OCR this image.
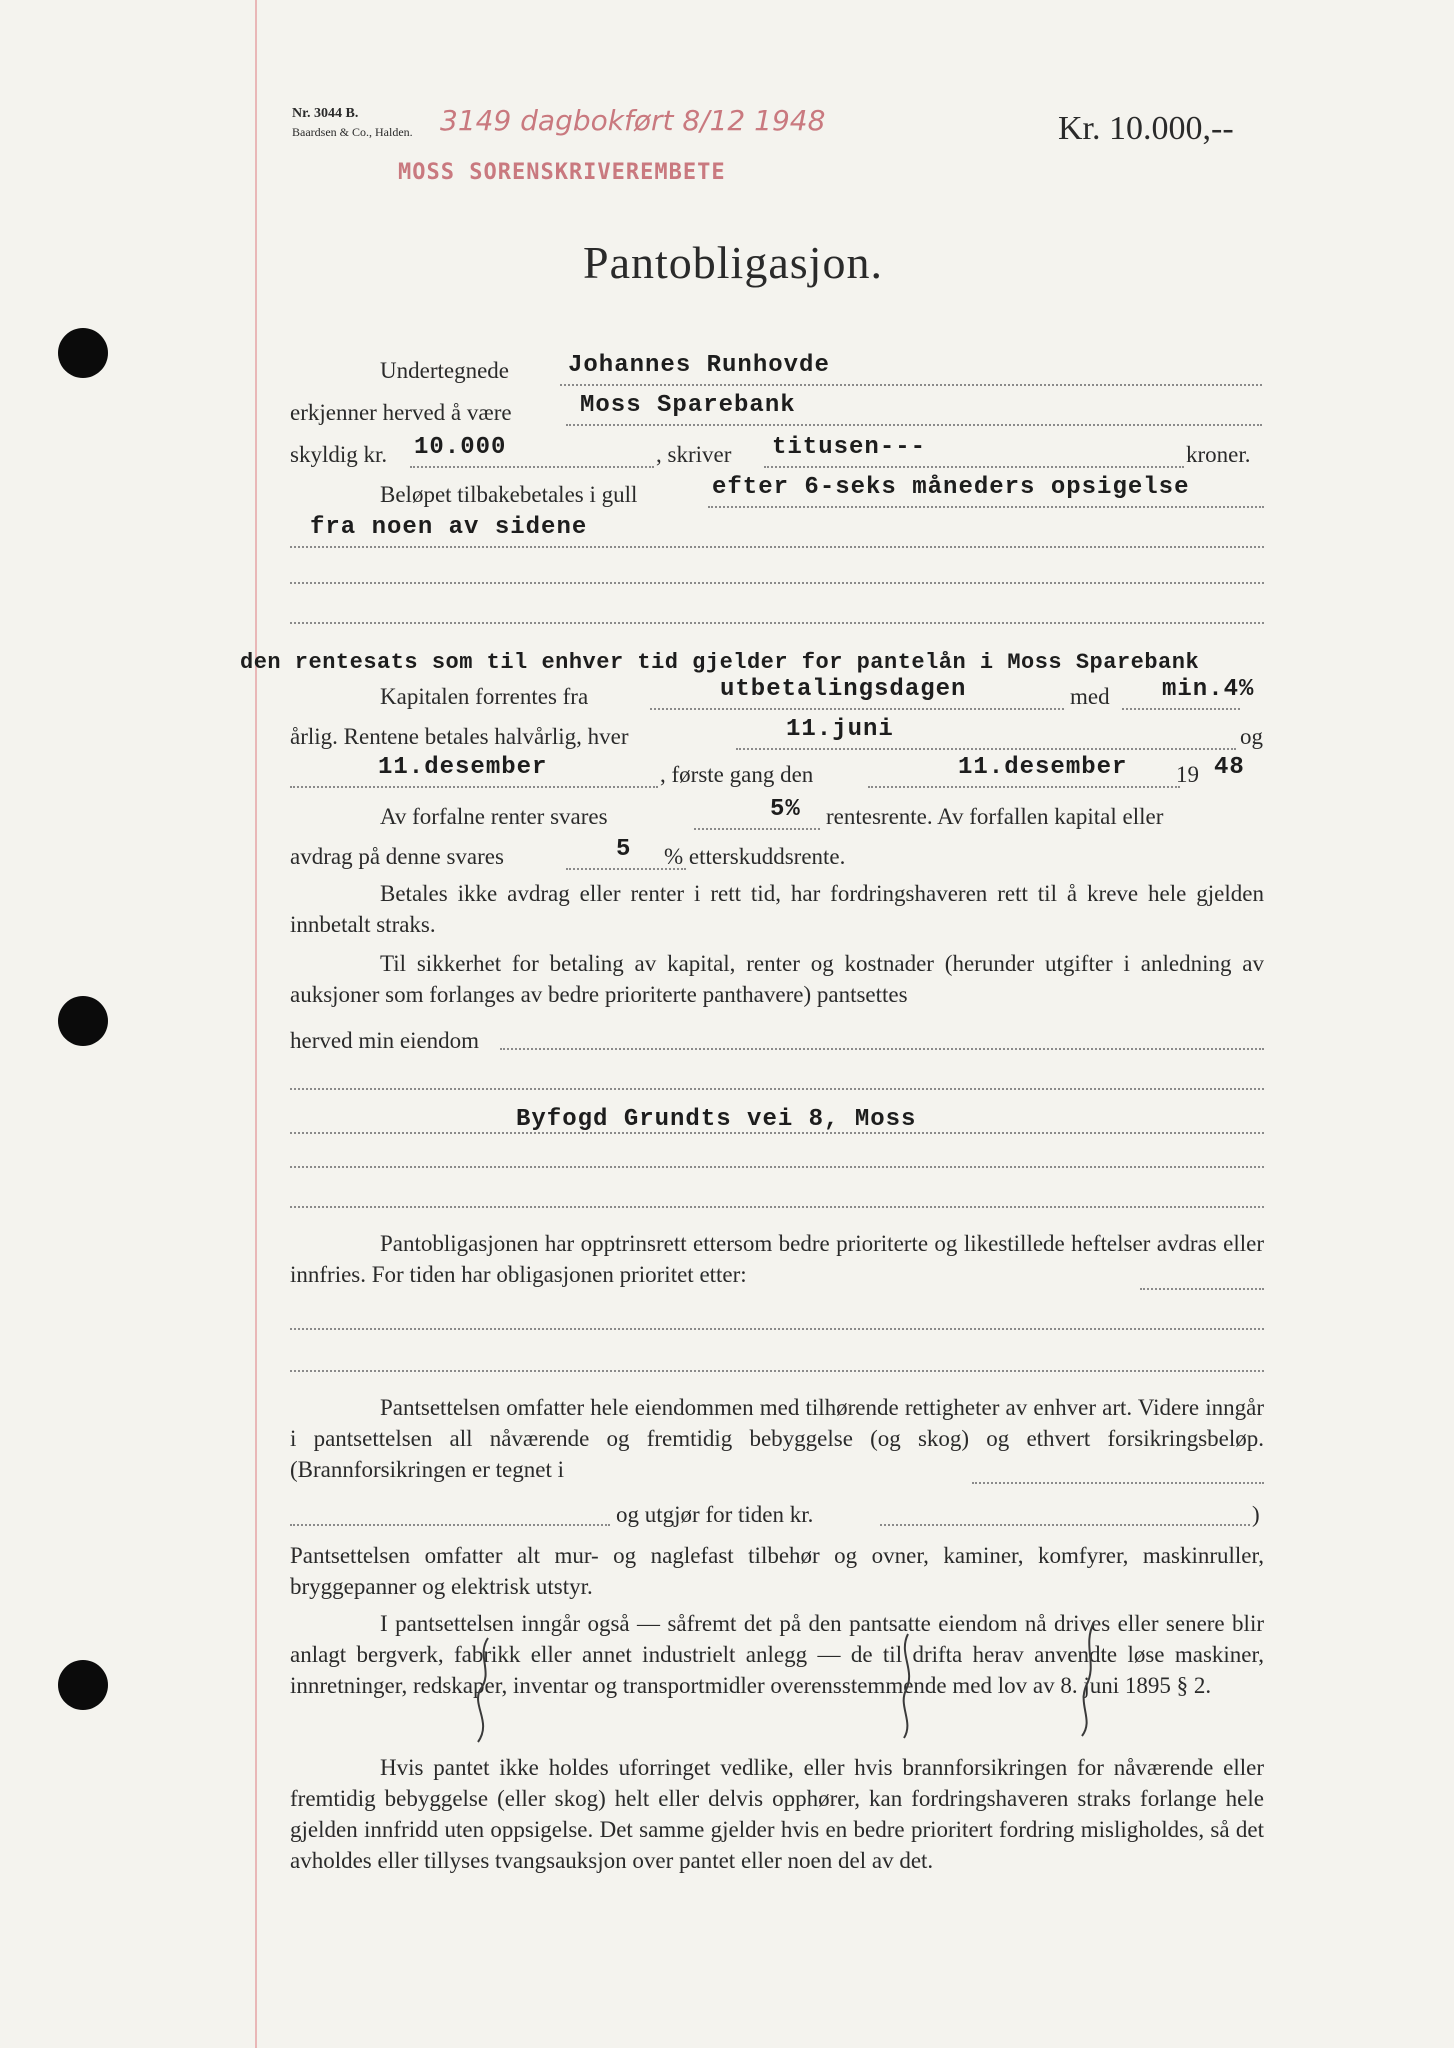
Nr. 3044 B.
Baardsen & Co., Halden. 3149 dagbokført 8/12 1948
MOSS SORENSKRIVEREMBETE
Kr. 10.000,--
Pantobligasjon.
Undertegnede Johannes Runhovde
erkjenner herved å være	Moss Sparebank
skyldig kr. 10.000	, skriver titusen---	kroner.
Beløpet tilbakebetales i gull	efter 6-seks måneders opsigelse
fra noen av sidene
den rentesats som til enhver tid gjelder for pantelån i Moss Sparebank
Kapitalen forrentes fra	utbetalingsdagen	med min.4%
årlig. Rentene betales halvårlig, hver	11.juni	og
11.desember	, første gang den	11.desember 19 48
Av forfalne renter svares	5% rentesrente. Av forfallen kapital eller
avdrag på denne svares	5 % etterskuddsrente.
Betales ikke avdrag eller renter i rett tid, har fordringshaveren rett til å kreve hele gjelden innbetalt straks.
Til sikkerhet for betaling av kapital, renter og kostnader (herunder utgifter i anledning av auksjoner som forlanges av bedre prioriterte panthavere) pantsettes
herved min eiendom
Byfogd Grundts vei 8, Moss
Pantobligasjonen har opptrinsrett ettersom bedre prioriterte og likestillede heftelser avdras eller innfries. For tiden har obligasjonen prioritet etter:
Pantsettelsen omfatter hele eiendommen med tilhørende rettigheter av enhver art. Videre inngår i pantsettelsen all nåværende og fremtidig bebyggelse (og skog) og ethvert forsikringsbeløp. (Brannforsikringen er tegnet i
og utgjør for tiden kr.	)
Pantsettelsen omfatter alt mur- og naglefast tilbehør og ovner, kaminer, komfyrer, maskinruller, bryggepanner og elektrisk utstyr.
I pantsettelsen inngår også — såfremt det på den pantsatte eiendom nå drives eller senere blir anlagt bergverk, fabrikk eller annet industrielt anlegg — de til drifta herav anvendte løse maskiner, innretninger, redskaper, inventar og transportmidler overensstemmende med lov av 8. juni 1895 § 2.
Hvis pantet ikke holdes uforringet vedlike, eller hvis brannforsikringen for nåværende eller fremtidig bebyggelse (eller skog) helt eller delvis opphører, kan fordringshaveren straks forlange hele gjelden innfridd uten oppsigelse. Det samme gjelder hvis en bedre prioritert fordring misligholdes, så det avholdes eller tillyses tvangsauksjon over pantet eller noen del av det.
